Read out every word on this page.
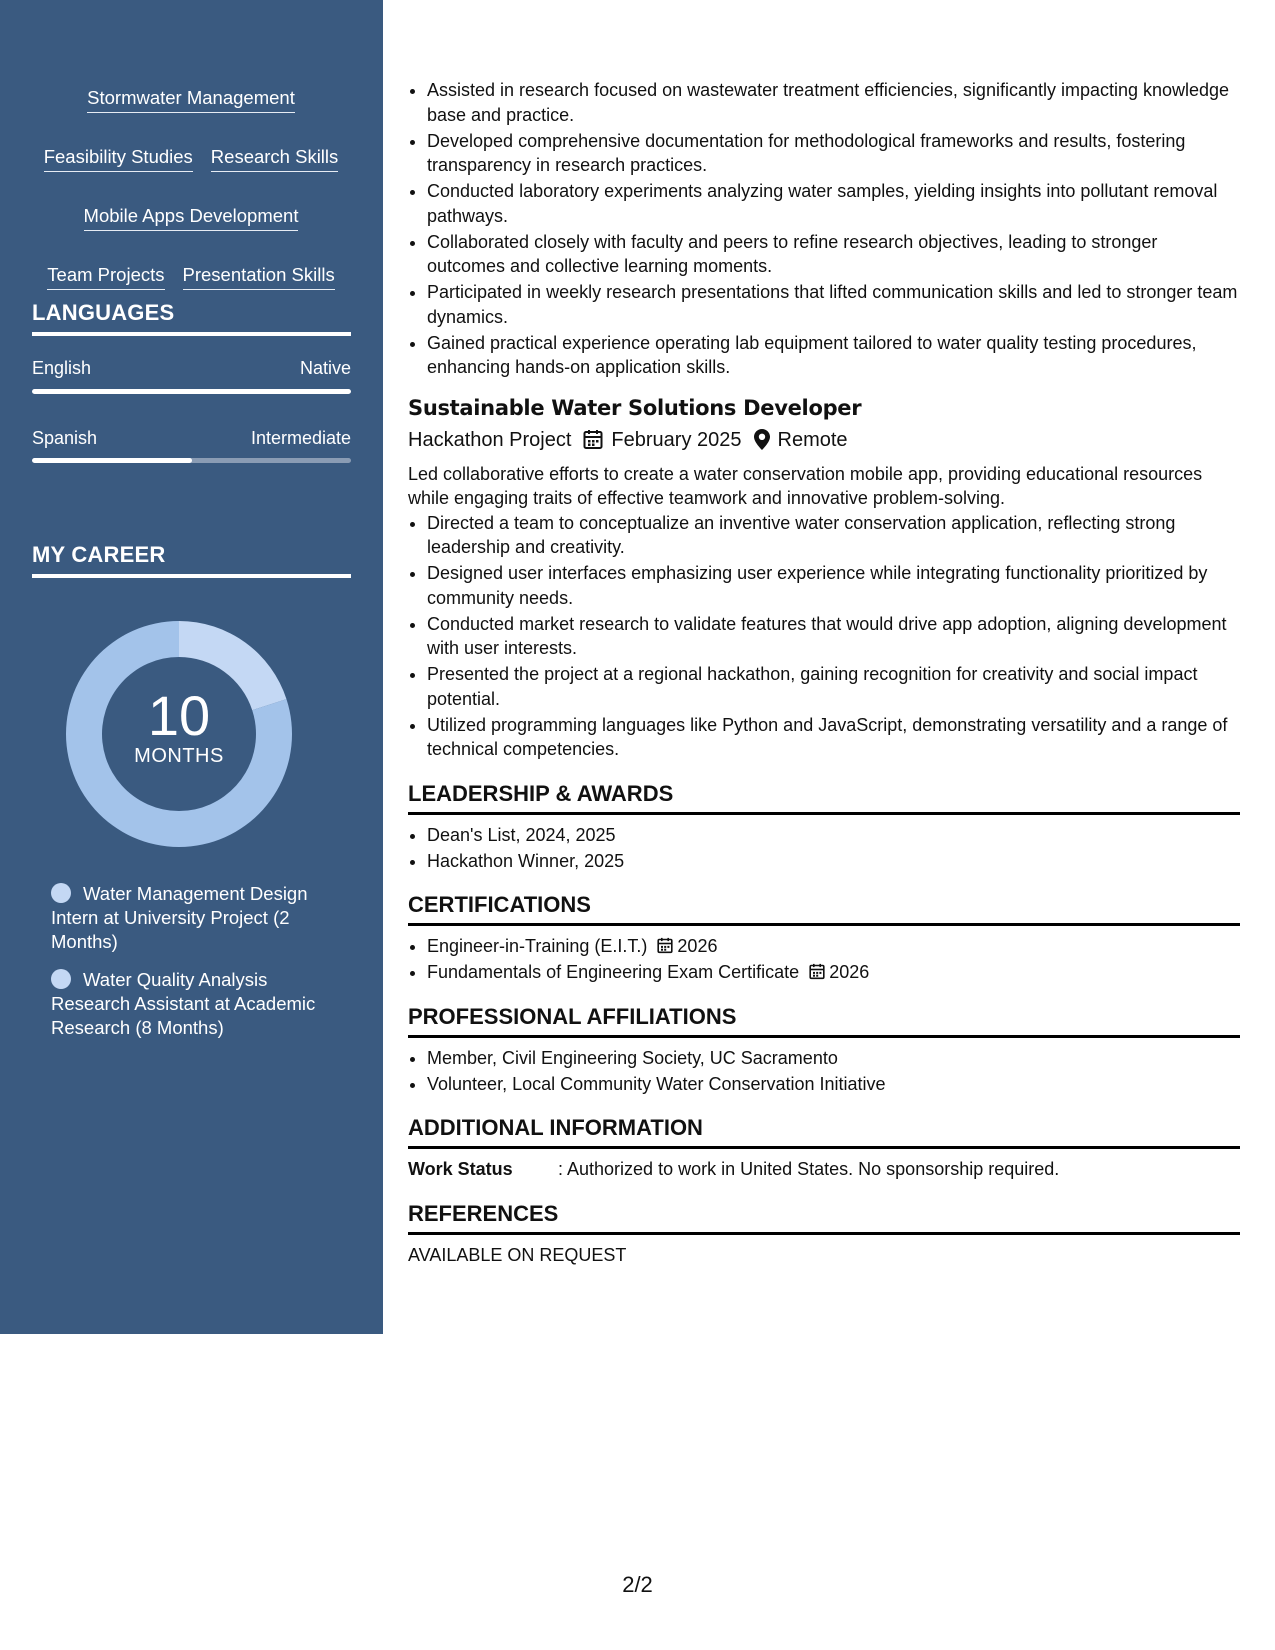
Stormwater Management
Feasibility Studies Research Skills
Mobile Apps Development
Team Projects Presentation Skills
LANGUAGES
English	Native
Spanish	Intermediate
MY CAREER
10
MONTHS
Water Management Design Intern at University Project (2 Months)
Water Quality Analysis Research Assistant at Academic Research (8 Months)
• Assisted in research focused on wastewater treatment efficiencies, significantly impacting knowledge base and practice.
• Developed comprehensive documentation for methodological frameworks and results, fostering transparency in research practices.
• Conducted laboratory experiments analyzing water samples, yielding insights into pollutant removal pathways.
• Collaborated closely with faculty and peers to refine research objectives, leading to stronger outcomes and collective learning moments.
• Participated in weekly research presentations that lifted communication skills and led to stronger team dynamics.
• Gained practical experience operating lab equipment tailored to water quality testing procedures, enhancing hands-on application skills.
Sustainable Water Solutions Developer
Hackathon Project February 2025 Remote
Led collaborative efforts to create a water conservation mobile app, providing educational resources while engaging traits of effective teamwork and innovative problem-solving.
• Directed a team to conceptualize an inventive water conservation application, reflecting strong leadership and creativity.
• Designed user interfaces emphasizing user experience while integrating functionality prioritized by community needs.
• Conducted market research to validate features that would drive app adoption, aligning development with user interests.
• Presented the project at a regional hackathon, gaining recognition for creativity and social impact potential.
• Utilized programming languages like Python and JavaScript, demonstrating versatility and a range of technical competencies.
LEADERSHIP & AWARDS
• Dean's List, 2024, 2025
• Hackathon Winner, 2025
CERTIFICATIONS
• Engineer-in-Training (E.I.T.) 2026
• Fundamentals of Engineering Exam Certificate 2026
PROFESSIONAL AFFILIATIONS
• Member, Civil Engineering Society, UC Sacramento
• Volunteer, Local Community Water Conservation Initiative
ADDITIONAL INFORMATION
Work Status	: Authorized to work in United States. No sponsorship required.
REFERENCES
AVAILABLE ON REQUEST
2/2
